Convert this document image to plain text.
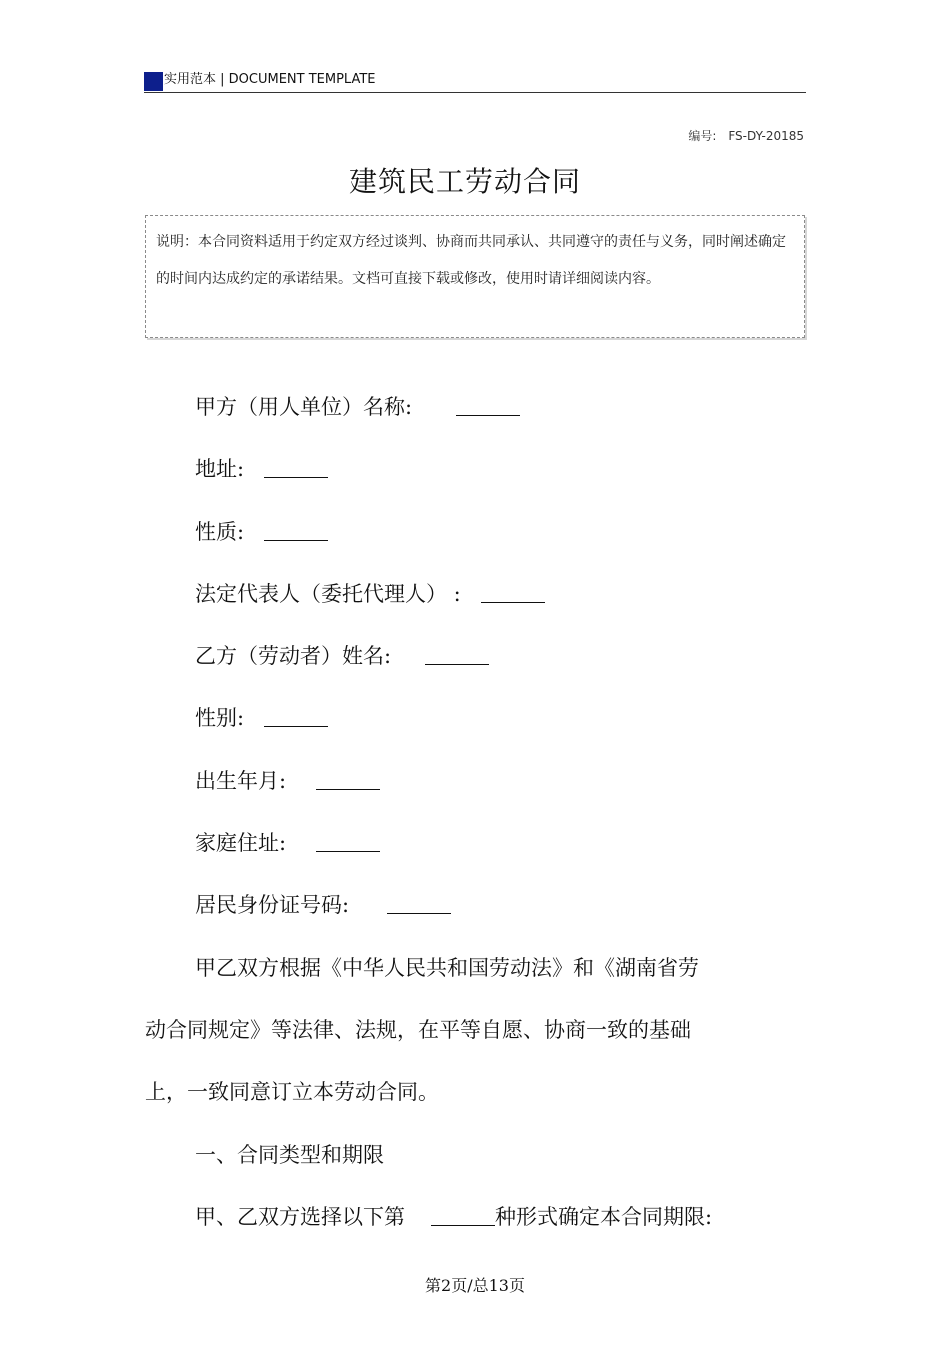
实用范本 | DOCUMENT TEMPLATE
编号: FS-DY-20185
建筑民工劳动合同
说明：本合同资料适用于约定双方经过谈判、协商而共同承认、共同遵守的责任与义务，同时阐述确定的时间内达成约定的承诺结果。文档可直接下载或修改，使用时请详细阅读内容。
甲方（用人单位）名称:
地址:
性质:
法定代表人（委托代理人） :
乙方（劳动者）姓名:
性别:
出生年月:
家庭住址:
居民身份证号码:
甲乙双方根据《中华人民共和国劳动法》和《湖南省劳
动合同规定》等法律、法规，在平等自愿、协商一致的基础
上，一致同意订立本劳动合同。
一、合同类型和期限
甲、乙双方选择以下第	种形式确定本合同期限:
第2页/总13页
